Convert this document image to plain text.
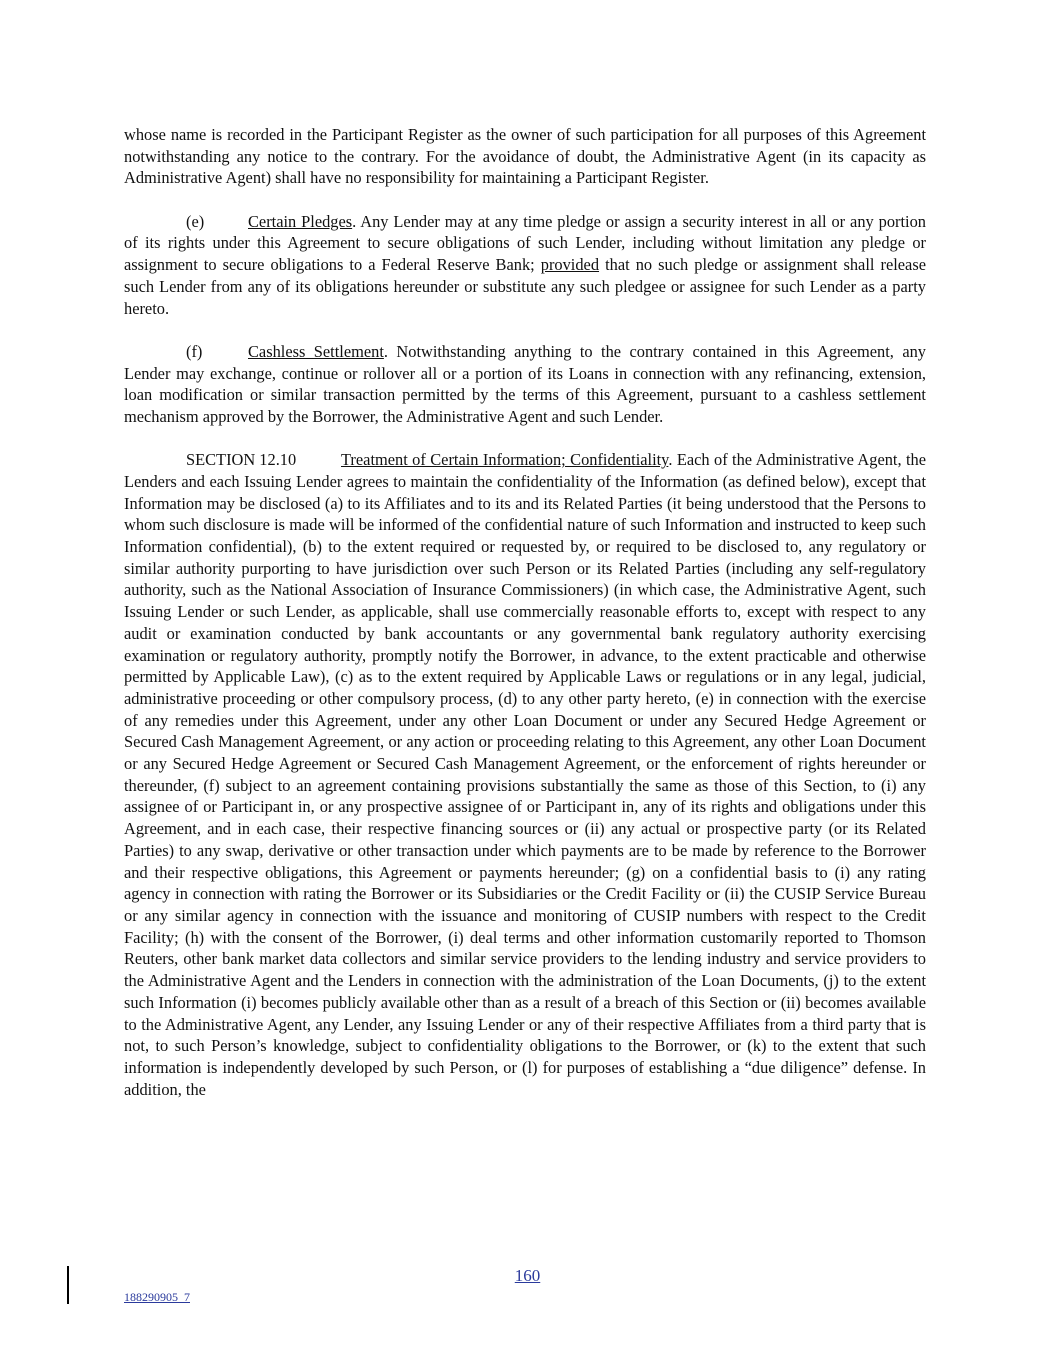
whose name is recorded in the Participant Register as the owner of such participation for all purposes of this Agreement notwithstanding any notice to the contrary. For the avoidance of doubt, the Administrative Agent (in its capacity as Administrative Agent) shall have no responsibility for maintaining a Participant Register.

(e)	Certain Pledges. Any Lender may at any time pledge or assign a security interest in all or any portion of its rights under this Agreement to secure obligations of such Lender, including without limitation any pledge or assignment to secure obligations to a Federal Reserve Bank; provided that no such pledge or assignment shall release such Lender from any of its obligations hereunder or substitute any such pledgee or assignee for such Lender as a party hereto.

(f)	Cashless Settlement. Notwithstanding anything to the contrary contained in this Agreement, any Lender may exchange, continue or rollover all or a portion of its Loans in connection with any refinancing, extension, loan modification or similar transaction permitted by the terms of this Agreement, pursuant to a cashless settlement mechanism approved by the Borrower, the Administrative Agent and such Lender.

SECTION 12.10	Treatment of Certain Information; Confidentiality. Each of the Administrative Agent, the Lenders and each Issuing Lender agrees to maintain the confidentiality of the Information (as defined below), except that Information may be disclosed (a) to its Affiliates and to its and its Related Parties (it being understood that the Persons to whom such disclosure is made will be informed of the confidential nature of such Information and instructed to keep such Information confidential), (b) to the extent required or requested by, or required to be disclosed to, any regulatory or similar authority purporting to have jurisdiction over such Person or its Related Parties (including any self-regulatory authority, such as the National Association of Insurance Commissioners) (in which case, the Administrative Agent, such Issuing Lender or such Lender, as applicable, shall use commercially reasonable efforts to, except with respect to any audit or examination conducted by bank accountants or any governmental bank regulatory authority exercising examination or regulatory authority, promptly notify the Borrower, in advance, to the extent practicable and otherwise permitted by Applicable Law), (c) as to the extent required by Applicable Laws or regulations or in any legal, judicial, administrative proceeding or other compulsory process, (d) to any other party hereto, (e) in connection with the exercise of any remedies under this Agreement, under any other Loan Document or under any Secured Hedge Agreement or Secured Cash Management Agreement, or any action or proceeding relating to this Agreement, any other Loan Document or any Secured Hedge Agreement or Secured Cash Management Agreement, or the enforcement of rights hereunder or thereunder, (f) subject to an agreement containing provisions substantially the same as those of this Section, to (i) any assignee of or Participant in, or any prospective assignee of or Participant in, any of its rights and obligations under this Agreement, and in each case, their respective financing sources or (ii) any actual or prospective party (or its Related Parties) to any swap, derivative or other transaction under which payments are to be made by reference to the Borrower and their respective obligations, this Agreement or payments hereunder; (g) on a confidential basis to (i) any rating agency in connection with rating the Borrower or its Subsidiaries or the Credit Facility or (ii) the CUSIP Service Bureau or any similar agency in connection with the issuance and monitoring of CUSIP numbers with respect to the Credit Facility; (h) with the consent of the Borrower, (i) deal terms and other information customarily reported to Thomson Reuters, other bank market data collectors and similar service providers to the lending industry and service providers to the Administrative Agent and the Lenders in connection with the administration of the Loan Documents, (j) to the extent such Information (i) becomes publicly available other than as a result of a breach of this Section or (ii) becomes available to the Administrative Agent, any Lender, any Issuing Lender or any of their respective Affiliates from a third party that is not, to such Person’s knowledge, subject to confidentiality obligations to the Borrower, or (k) to the extent that such information is independently developed by such Person, or (l) for purposes of establishing a “due diligence” defense. In addition, the

160
188290905_7
